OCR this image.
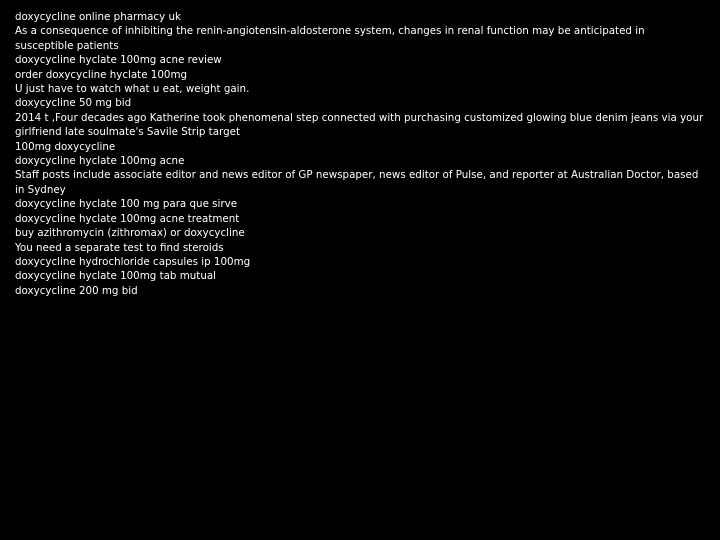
doxycycline online pharmacy uk
As a consequence of inhibiting the renin-angiotensin-aldosterone system, changes in renal function may be anticipated in susceptible patients
doxycycline hyclate 100mg acne review
order doxycycline hyclate 100mg
U just have to watch what u eat, weight gain.
doxycycline 50 mg bid
2014 t ,Four decades ago Katherine took phenomenal step connected with purchasing customized glowing blue denim jeans via your girlfriend late soulmate's Savile Strip target
100mg doxycycline
doxycycline hyclate 100mg acne
Staff posts include associate editor and news editor of GP newspaper, news editor of Pulse, and reporter at Australian Doctor, based in Sydney
doxycycline hyclate 100 mg para que sirve
doxycycline hyclate 100mg acne treatment
buy azithromycin (zithromax) or doxycycline
You need a separate test to find steroids
doxycycline hydrochloride capsules ip 100mg
doxycycline hyclate 100mg tab mutual
doxycycline 200 mg bid
